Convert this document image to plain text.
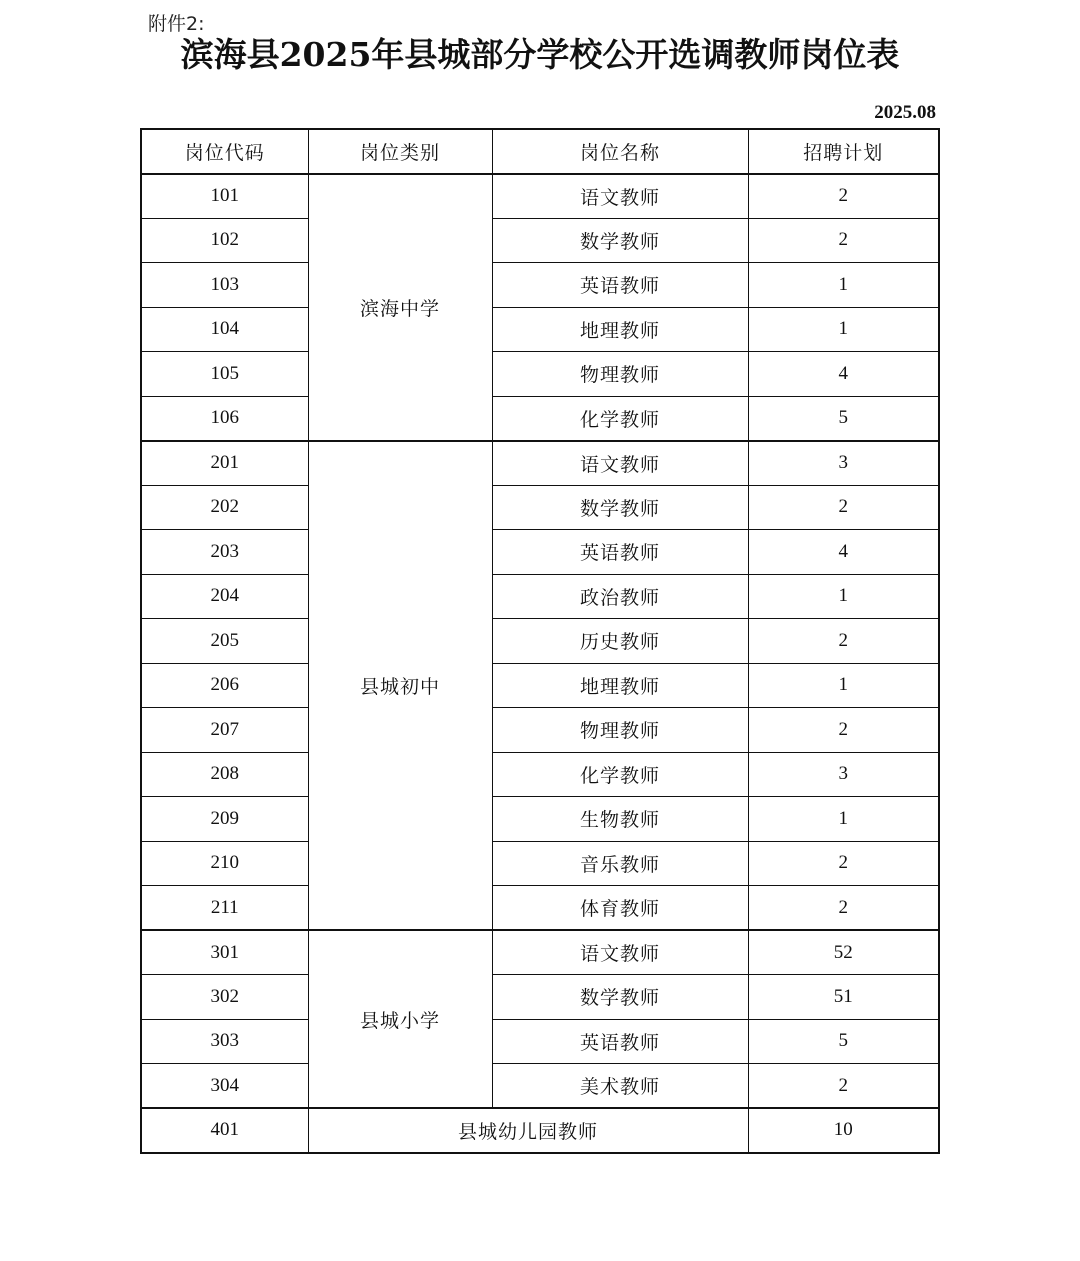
附件2:
滨海县2025年县城部分学校公开选调教师岗位表
2025.08
岗位代码	岗位类别	岗位名称	招聘计划
101	滨海中学	语文教师	2
102		数学教师	2
103		英语教师	1
104		地理教师	1
105		物理教师	4
106		化学教师	5
201	县城初中	语文教师	3
202		数学教师	2
203		英语教师	4
204		政治教师	1
205		历史教师	2
206		地理教师	1
207		物理教师	2
208		化学教师	3
209		生物教师	1
210		音乐教师	2
211		体育教师	2
301	县城小学	语文教师	52
302		数学教师	51
303		英语教师	5
304		美术教师	2
401	县城幼儿园教师		10
